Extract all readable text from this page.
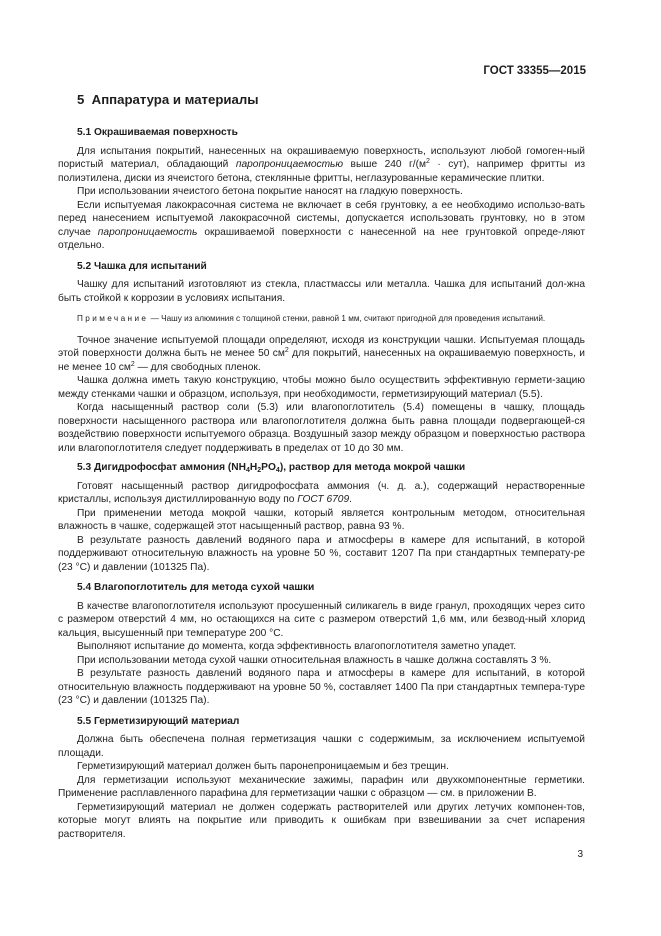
ГОСТ 33355—2015
5 Аппаратура и материалы
5.1 Окрашиваемая поверхность

Для испытания покрытий, нанесенных на окрашиваемую поверхность, используют любой гомоген-ный пористый материал, обладающий паропроницаемостью выше 240 $г/(м^2 \cdot сут)$, например фритты из полиэтилена, диски из ячеистого бетона, стеклянные фритты, неглазурованные керамические плитки.

При использовании ячеистого бетона покрытие наносят на гладкую поверхность.

Если испытуемая лакокрасочная система не включает в себя грунтовку, а ее необходимо использо-вать перед нанесением испытуемой лакокрасочной системы, допускается использовать грунтовку, но в этом случае паропроницаемость окрашиваемой поверхности с нанесенной на нее грунтовкой опреде-ляют отдельно.

5.2 Чашка для испытаний

Чашку для испытаний изготовляют из стекла, пластмассы или металла. Чашка для испытаний дол-жна быть стойкой к коррозии в условиях испытания.

Примечание — Чашу из алюминия с толщиной стенки, равной 1 мм, считают пригодной для проведения испытаний.

Точное значение испытуемой площади определяют, исходя из конструкции чашки. Испытуемая площадь этой поверхности должна быть не менее 50 $см^2$ для покрытий, нанесенных на окрашиваемую поверхность, и не менее 10 $см^2$ — для свободных пленок.

Чашка должна иметь такую конструкцию, чтобы можно было осуществить эффективную гермети-зацию между стенками чашки и образцом, используя, при необходимости, герметизирующий материал (5.5).

Когда насыщенный раствор соли (5.3) или влагопоглотитель (5.4) помещены в чашку, площадь поверхности насыщенного раствора или влагопоглотителя должна быть равна площади подвергающей-ся воздействию поверхности испытуемого образца. Воздушный зазор между образцом и поверхностью раствора или влагопоглотителя следует поддерживать в пределах от 10 до 30 мм.

5.3 Дигидрофосфат аммония $(NH_4H_2PO_4)$, раствор для метода мокрой чашки

Готовят насыщенный раствор дигидрофосфата аммония (ч. д. а.), содержащий нерастворенные кристаллы, используя дистиллированную воду по ГОСТ 6709.

При применении метода мокрой чашки, который является контрольным методом, относительная влажность в чашке, содержащей этот насыщенный раствор, равна 93 %.

В результате разность давлений водяного пара и атмосферы в камере для испытаний, в которой поддерживают относительную влажность на уровне 50 %, составит 1207 Па при стандартных температу-ре (23 °C) и давлении (101325 Па).

5.4 Влагопоглотитель для метода сухой чашки

В качестве влагопоглотителя используют просушенный силикагель в виде гранул, проходящих через сито с размером отверстий 4 мм, но остающихся на сите с размером отверстий 1,6 мм, или безвод-ный хлорид кальция, высушенный при температуре 200 °C.

Выполняют испытание до момента, когда эффективность влагопоглотителя заметно упадет.

При использовании метода сухой чашки относительная влажность в чашке должна составлять 3 %.

В результате разность давлений водяного пара и атмосферы в камере для испытаний, в которой относительную влажность поддерживают на уровне 50 %, составляет 1400 Па при стандартных темпера-туре (23 °C) и давлении (101325 Па).

5.5 Герметизирующий материал

Должна быть обеспечена полная герметизация чашки с содержимым, за исключением испытуемой площади.

Герметизирующий материал должен быть паронепроницаемым и без трещин.

Для герметизации используют механические зажимы, парафин или двухкомпонентные герметики. Применение расплавленного парафина для герметизации чашки с образцом — см. в приложении В.

Герметизирующий материал не должен содержать растворителей или других летучих компонен-тов, которые могут влиять на покрытие или приводить к ошибкам при взвешивании за счет испарения растворителя.

3
